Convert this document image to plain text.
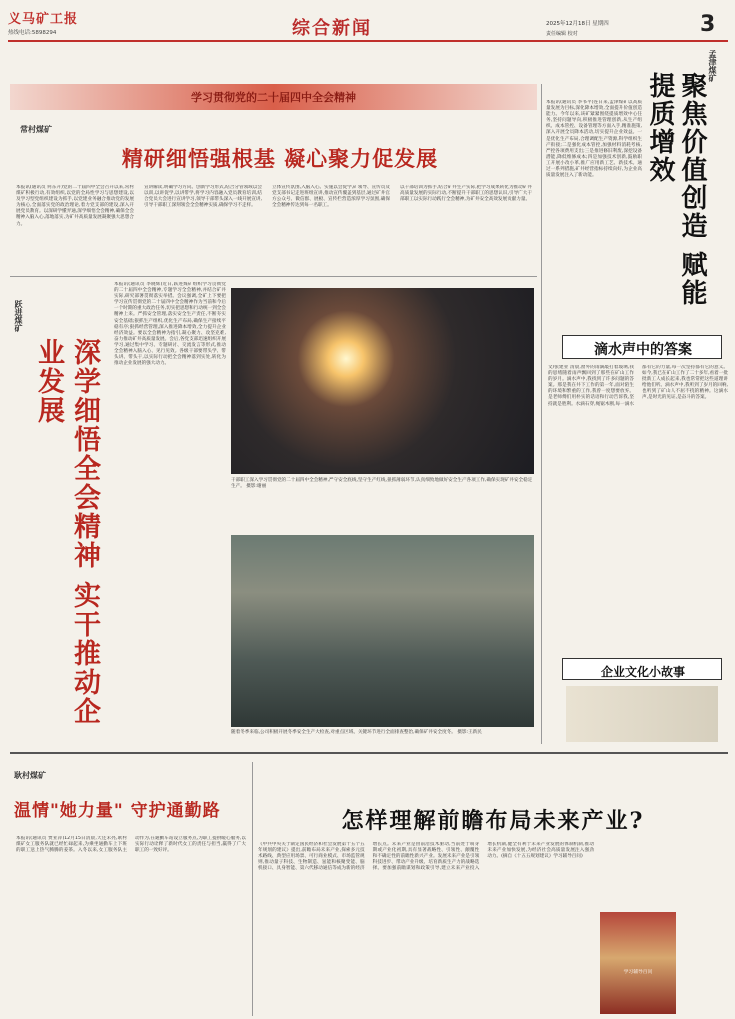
义马矿工报
热线电话:5898294	综合新闻	2025年12月18日 星期四
责任编辑 校对	3
学习贯彻党的二十届四中全会精神
常村煤矿
精研细悟强根基 凝心聚力促发展
本报讯(通讯员 何东升)党的二十届四中全会召开以来,常村煤矿积极行动,有效组织,以党的全局性学习与思想建设,以及学习型党组织建设为抓手,以党建业务融合推动党的发展为核心,全面落实党的政治理论,着力党支部的建设,深入开展党员教育。以深研学懂弄通,深学细悟全会精神,确保全会精神入脑入心,落地落实,为矿井高质量发展凝聚强大思想合力。
宣讲解读,明确学习方向。创新学习形式,结合分管领域以会以训,以讲促学,以讲带学,将学习内容融入党员教育培训,结合党员大会进行宣讲学习,领导干部带头深入一线开展宣讲,引导干部职工深刻领会全会精神实质,确保学习不走样。
立体宣传氛围,入脑入心。实施以会促学,矿领导、宣传员及党支部书记走进班组宣讲,推动宣传覆盖到基层,通过矿井官方公众号、微信群、展板、宣传栏营造浓厚学习氛围,确保全会精神传达到每一名职工。
以干部培训为抓手,结合矿井生产实际,把学习成果转化为推动矿井高质量发展的实际行动,不断提升干部职工的思想认识,引导广大干部职工以实际行动践行全会精神,为矿井安全高效发展贡献力量。
跃进煤矿
深学细悟全会精神 实干推动企业发展
本报讯(通讯员 李晓辉)近日,跃进煤矿组织学习贯彻党的二十届四中全会精神,专题学习全会精神,并结合矿井实际,研究部署贯彻落实举措。会议强调,全矿上下要把学习宣传贯彻党的二十届四中全会精神作为当前和今后一个时期的重大政治任务,切实把思想和行动统一到全会精神上来。严抓安全管理,落实安全生产责任,不断夯实安全基础;狠抓生产组织,优化生产布局,确保生产接续平稳有序;狠抓经营管理,深入推进降本增效,全力提升企业经济效益。要以全会精神为指引,凝心聚力、攻坚克难,奋力推动矿井高质量发展。会后,各党支部迅速组织开展学习,通过集中学习、专题研讨、交流发言等形式,推动全会精神入脑入心、见行见效。各级干部要带头学、带头讲、带头干,以实际行动把全会精神落到实处,转化为推动企业发展的强大动力。
干部职工深入学习贯彻党的二十届四中全会精神,严守安全底线,坚守生产红线,狠抓薄弱环节,认真细致地做好安全生产各项工作,确保实现矿井安全稳定生产。 摄影:谢丽
随着冬季来临,公司积极开展冬季安全生产大检查,对重点区域、关键环节进行全面排查整治,确保矿井安全度冬。 摄影:王新民
孟津煤矿
聚焦价值创造 赋能提质增效
本报讯(通讯员 李书平)连日来,孟津煤矿以高质量发展为目标,深化降本增效,全面提升价值创造能力。今年以来,该矿紧紧围绕提质增效中心任务,坚持问题导向,积极推进管理创新,从生产组织、成本管控、设备管理等方面入手,精准施策,深入开展全员降本活动,切实提升企业效益。一是优化生产布局,合理调配生产资源,科学组织生产衔接;二是强化成本管控,加强材料消耗考核,严控各项费用支出;三是推进修旧利废,深挖设备潜能,降低维修成本;四是加强技术创新,鼓励职工开展小改小革,推广应用新工艺、新技术。通过一系列措施,矿井经营指标持续向好,为企业高质量发展注入了新动能。
滴水声中的答案
文/张建业 清晨,窗外的雨滴敲打着玻璃,我的思绪随着雨声飘回到了那些在矿山工作的岁月。滴水声中,我找到了许多问题的答案。那是我在井下工作的第一年,面对陌生的环境和繁重的工作,我曾一度想要放弃。是老师傅们用朴实的话语和行动告诉我,坚持就是胜利。水滴石穿,绳锯木断,每一滴水都有它的力量,每一次坚持都有它的意义。如今,我已在矿山工作了二十多年,看着一批批新工人成长起来,我也常常把这些道理讲给他们听。滴水声中,我听到了岁月的回响,也听到了矿山人不屈不挠的精神。这滴水声,是时光的见证,是奋斗的答案。
企业文化小故事
耿村煤矿
温情"她力量" 守护通勤路
本报讯(通讯员 贾亚萍)12月15日清晨,天还未亮,耿村煤矿女工服务队就已经忙碌起来,为乘坐通勤车上下班的职工送上热气腾腾的姜茶。入冬以来,女工服务队主动作为,在通勤车站设立服务点,为职工提供暖心服务,以实际行动诠释了新时代女工的责任与担当,赢得了广大职工的一致好评。
怎样理解前瞻布局未来产业?
《中共中央关于制定国民经济和社会发展第十五个五年规划的建议》提出,前瞻布局未来产业,探索多元技术路线、典型应用场景、可行商业模式、市场监管规则,推动量子科技、生物制造、氢能和核聚变能、脑机接口、具身智能、第六代移动通信等成为新的经济增长点。未来产业是由前沿技术驱动,当前处于萌芽期或产业化初期,具有显著战略性、引领性、颠覆性和不确定性的前瞻性新兴产业。发展未来产业是引领科技进步、带动产业升级、培育新质生产力的战略选择。要加强前瞻谋划和政策引导,建立未来产业投入增长机制,健全有利于未来产业发展的体制机制,推动未来产业加快发展,为经济社会高质量发展注入强劲动力。(摘自《十五五规划建议》学习辅导百问)
学习辅导百问
